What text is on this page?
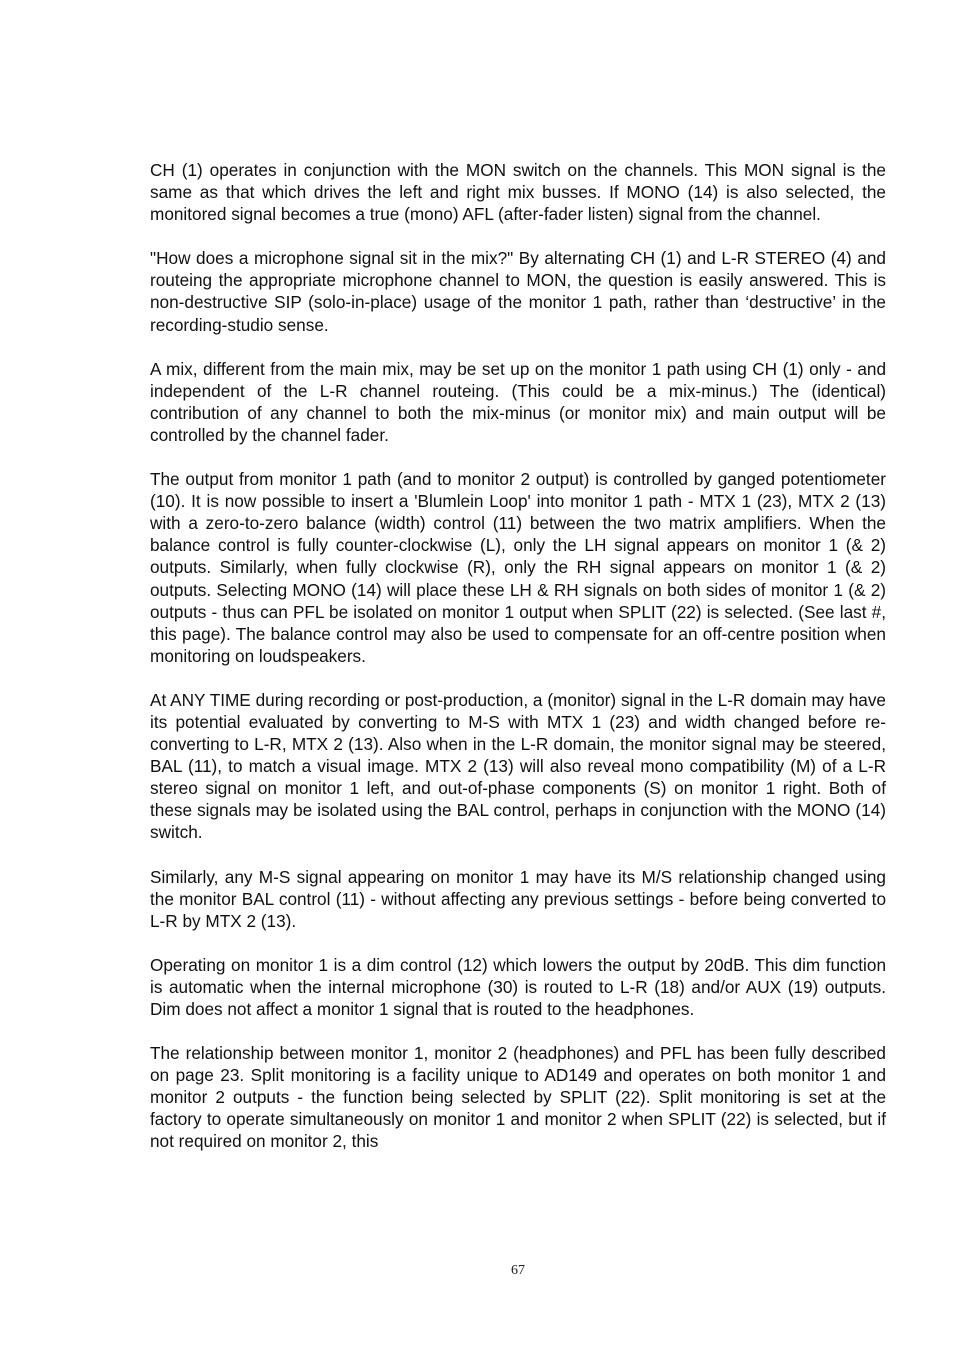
CH (1) operates in conjunction with the MON switch on the channels. This MON signal is the same as that which drives the left and right mix busses. If MONO (14) is also selected, the monitored signal becomes a true (mono) AFL (after-fader listen) signal from the channel.

"How does a microphone signal sit in the mix?" By alternating CH (1) and L-R STEREO (4) and routeing the appropriate microphone channel to MON, the question is easily answered. This is non-destructive SIP (solo-in-place) usage of the monitor 1 path, rather than ‘destructive’ in the recording-studio sense.

A mix, different from the main mix, may be set up on the monitor 1 path using CH (1) only - and independent of the L-R channel routeing. (This could be a mix-minus.) The (identical) contribution of any channel to both the mix-minus (or monitor mix) and main output will be controlled by the channel fader.

The output from monitor 1 path (and to monitor 2 output) is controlled by ganged potentiometer (10). It is now possible to insert a 'Blumlein Loop' into monitor 1 path - MTX 1 (23), MTX 2 (13) with a zero-to-zero balance (width) control (11) between the two matrix amplifiers. When the balance control is fully counter-clockwise (L), only the LH signal appears on monitor 1 (& 2) outputs. Similarly, when fully clockwise (R), only the RH signal appears on monitor 1 (& 2) outputs. Selecting MONO (14) will place these LH & RH signals on both sides of monitor 1 (& 2) outputs - thus can PFL be isolated on monitor 1 output when SPLIT (22) is selected. (See last #, this page). The balance control may also be used to compensate for an off-centre position when monitoring on loudspeakers.

At ANY TIME during recording or post-production, a (monitor) signal in the L-R domain may have its potential evaluated by converting to M-S with MTX 1 (23) and width changed before re-converting to L-R, MTX 2 (13). Also when in the L-R domain, the monitor signal may be steered, BAL (11), to match a visual image. MTX 2 (13) will also reveal mono compatibility (M) of a L-R stereo signal on monitor 1 left, and out-of-phase components (S) on monitor 1 right. Both of these signals may be isolated using the BAL control, perhaps in conjunction with the MONO (14) switch.

Similarly, any M-S signal appearing on monitor 1 may have its M/S relationship changed using the monitor BAL control (11) - without affecting any previous settings - before being converted to L-R by MTX 2 (13).

Operating on monitor 1 is a dim control (12) which lowers the output by 20dB. This dim function is automatic when the internal microphone (30) is routed to L-R (18) and/or AUX (19) outputs. Dim does not affect a monitor 1 signal that is routed to the headphones.

The relationship between monitor 1, monitor 2 (headphones) and PFL has been fully described on page 23. Split monitoring is a facility unique to AD149 and operates on both monitor 1 and monitor 2 outputs - the function being selected by SPLIT (22). Split monitoring is set at the factory to operate simultaneously on monitor 1 and monitor 2 when SPLIT (22) is selected, but if not required on monitor 2, this

67
